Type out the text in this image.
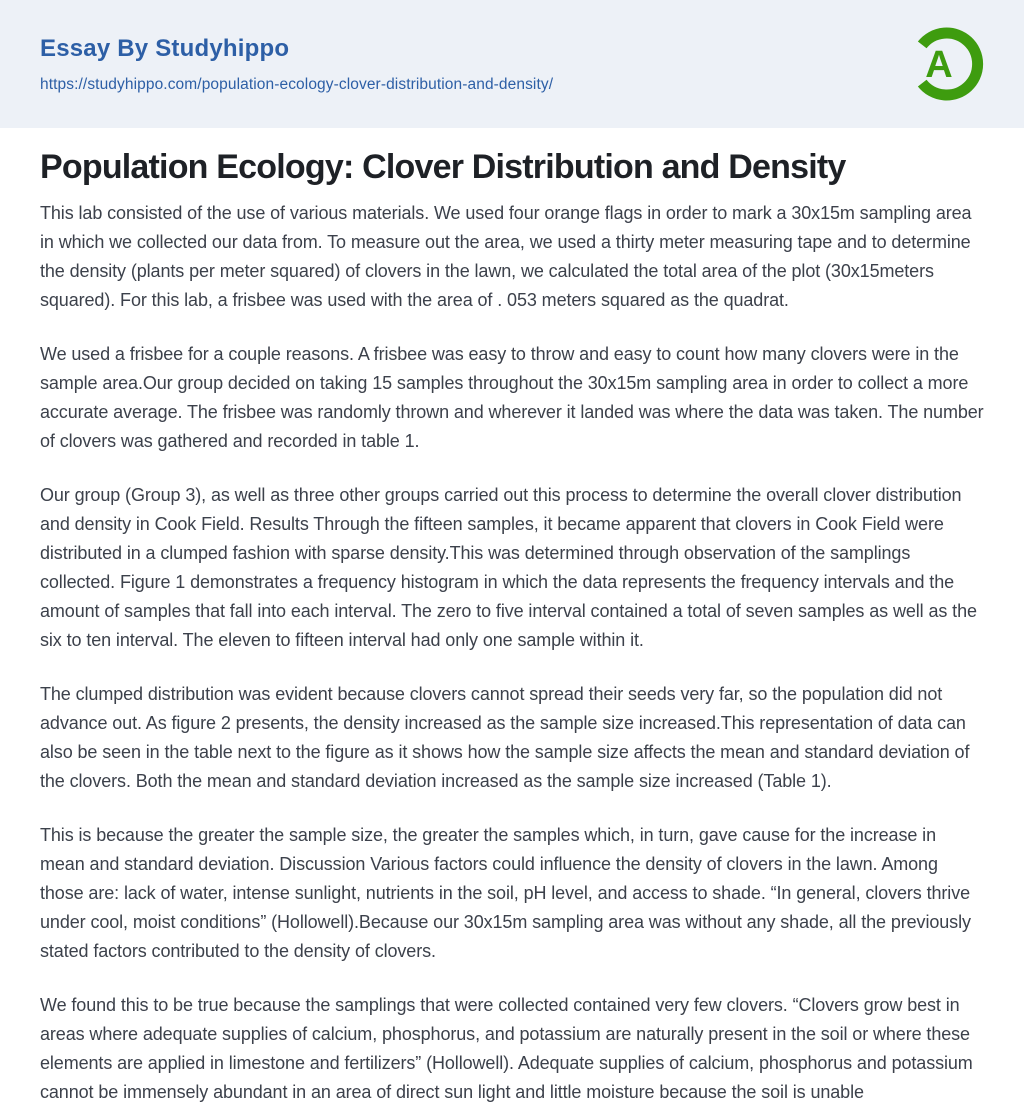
Essay By Studyhippo
https://studyhippo.com/population-ecology-clover-distribution-and-density/	A
Population Ecology: Clover Distribution and Density

This lab consisted of the use of various materials. We used four orange flags in order to mark a 30x15m sampling area in which we collected our data from. To measure out the area, we used a thirty meter measuring tape and to determine the density (plants per meter squared) of clovers in the lawn, we calculated the total area of the plot (30x15meters squared). For this lab, a frisbee was used with the area of . 053 meters squared as the quadrat.

We used a frisbee for a couple reasons. A frisbee was easy to throw and easy to count how many clovers were in the sample area.Our group decided on taking 15 samples throughout the 30x15m sampling area in order to collect a more accurate average. The frisbee was randomly thrown and wherever it landed was where the data was taken. The number of clovers was gathered and recorded in table 1.

Our group (Group 3), as well as three other groups carried out this process to determine the overall clover distribution and density in Cook Field. Results Through the fifteen samples, it became apparent that clovers in Cook Field were distributed in a clumped fashion with sparse density.This was determined through observation of the samplings collected. Figure 1 demonstrates a frequency histogram in which the data represents the frequency intervals and the amount of samples that fall into each interval. The zero to five interval contained a total of seven samples as well as the six to ten interval. The eleven to fifteen interval had only one sample within it.

The clumped distribution was evident because clovers cannot spread their seeds very far, so the population did not advance out. As figure 2 presents, the density increased as the sample size increased.This representation of data can also be seen in the table next to the figure as it shows how the sample size affects the mean and standard deviation of the clovers. Both the mean and standard deviation increased as the sample size increased (Table 1).

This is because the greater the sample size, the greater the samples which, in turn, gave cause for the increase in mean and standard deviation. Discussion Various factors could influence the density of clovers in the lawn. Among those are: lack of water, intense sunlight, nutrients in the soil, pH level, and access to shade. “In general, clovers thrive under cool, moist conditions” (Hollowell).Because our 30x15m sampling area was without any shade, all the previously stated factors contributed to the density of clovers.

We found this to be true because the samplings that were collected contained very few clovers. “Clovers grow best in areas where adequate supplies of calcium, phosphorus, and potassium are naturally present in the soil or where these elements are applied in limestone and fertilizers” (Hollowell). Adequate supplies of calcium, phosphorus and potassium cannot be immensely abundant in an area of direct sun light and little moisture because the soil is unable
